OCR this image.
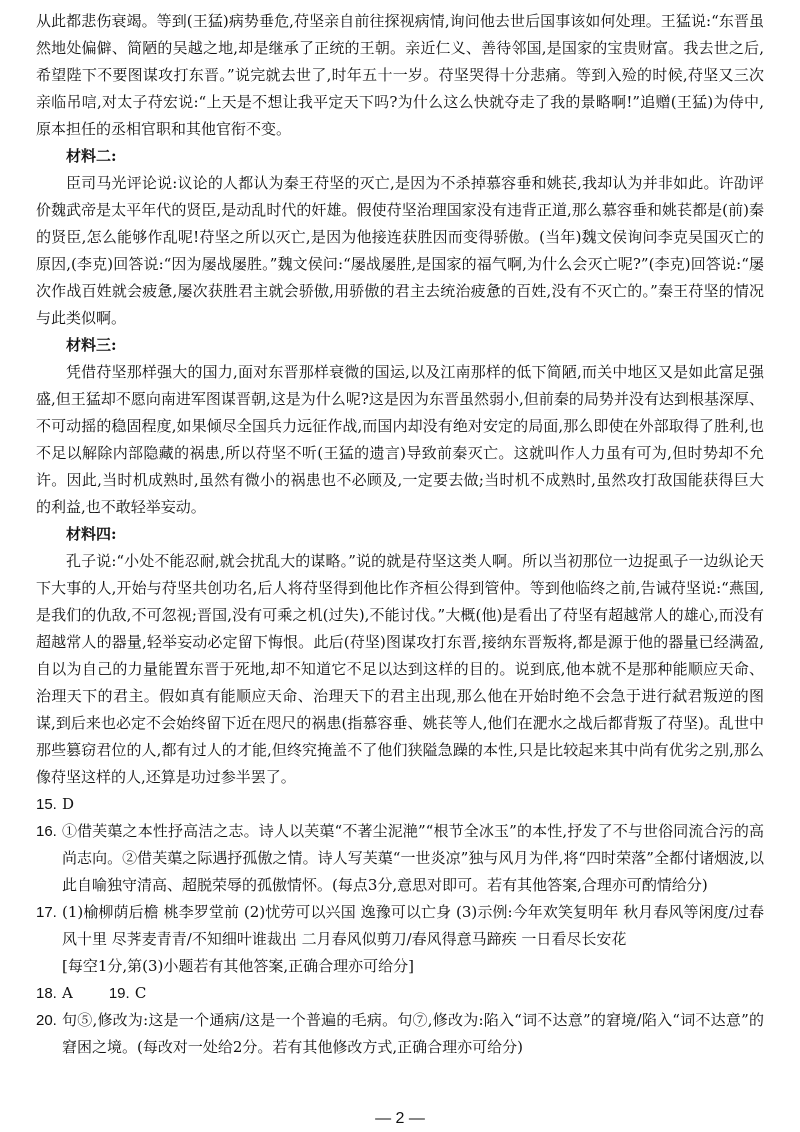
从此都悲伤衰竭。等到(王猛)病势垂危,苻坚亲自前往探视病情,询问他去世后国事该如何处理。王猛说:“东晋虽然地处偏僻、简陋的吴越之地,却是继承了正统的王朝。亲近仁义、善待邻国,是国家的宝贵财富。我去世之后,希望陛下不要图谋攻打东晋。”说完就去世了,时年五十一岁。苻坚哭得十分悲痛。等到入殓的时候,苻坚又三次亲临吊唁,对太子苻宏说:“上天是不想让我平定天下吗?为什么这么快就夺走了我的景略啊!”追赠(王猛)为侍中,原本担任的丞相官职和其他官衔不变。

材料二:

臣司马光评论说:议论的人都认为秦王苻坚的灭亡,是因为不杀掉慕容垂和姚苌,我却认为并非如此。许劭评价魏武帝是太平年代的贤臣,是动乱时代的奸雄。假使苻坚治理国家没有违背正道,那么慕容垂和姚苌都是(前)秦的贤臣,怎么能够作乱呢!苻坚之所以灭亡,是因为他接连获胜因而变得骄傲。(当年)魏文侯询问李克吴国灭亡的原因,(李克)回答说:“因为屡战屡胜。”魏文侯问:“屡战屡胜,是国家的福气啊,为什么会灭亡呢?”(李克)回答说:“屡次作战百姓就会疲惫,屡次获胜君主就会骄傲,用骄傲的君主去统治疲惫的百姓,没有不灭亡的。”秦王苻坚的情况与此类似啊。

材料三:

凭借苻坚那样强大的国力,面对东晋那样衰微的国运,以及江南那样的低下简陋,而关中地区又是如此富足强盛,但王猛却不愿向南进军图谋晋朝,这是为什么呢?这是因为东晋虽然弱小,但前秦的局势并没有达到根基深厚、不可动摇的稳固程度,如果倾尽全国兵力远征作战,而国内却没有绝对安定的局面,那么即使在外部取得了胜利,也不足以解除内部隐藏的祸患,所以苻坚不听(王猛的遗言)导致前秦灭亡。这就叫作人力虽有可为,但时势却不允许。因此,当时机成熟时,虽然有微小的祸患也不必顾及,一定要去做;当时机不成熟时,虽然攻打敌国能获得巨大的利益,也不敢轻举妄动。

材料四:

孔子说:“小处不能忍耐,就会扰乱大的谋略。”说的就是苻坚这类人啊。所以当初那位一边捉虱子一边纵论天下大事的人,开始与苻坚共创功名,后人将苻坚得到他比作齐桓公得到管仲。等到他临终之前,告诫苻坚说:“燕国,是我们的仇敌,不可忽视;晋国,没有可乘之机(过失),不能讨伐。”大概(他)是看出了苻坚有超越常人的雄心,而没有超越常人的器量,轻举妄动必定留下悔恨。此后(苻坚)图谋攻打东晋,接纳东晋叛将,都是源于他的器量已经满盈,自以为自己的力量能置东晋于死地,却不知道它不足以达到这样的目的。说到底,他本就不是那种能顺应天命、治理天下的君主。假如真有能顺应天命、治理天下的君主出现,那么他在开始时绝不会急于进行弑君叛逆的图谋,到后来也必定不会始终留下近在咫尺的祸患(指慕容垂、姚苌等人,他们在淝水之战后都背叛了苻坚)。乱世中那些篡窃君位的人,都有过人的才能,但终究掩盖不了他们狭隘急躁的本性,只是比较起来其中尚有优劣之别,那么像苻坚这样的人,还算是功过参半罢了。

15. D
16. ①借芙蕖之本性抒高洁之志。诗人以芙蕖“不著尘泥滟”“根节全冰玉”的本性,抒发了不与世俗同流合污的高尚志向。②借芙蕖之际遇抒孤傲之情。诗人写芙蕖“一世炎凉”独与风月为伴,将“四时荣落”全都付诸烟波,以此自喻独守清高、超脱荣辱的孤傲情怀。(每点3分,意思对即可。若有其他答案,合理亦可酌情给分)
17. (1)榆柳荫后檐 桃李罗堂前 (2)忧劳可以兴国 逸豫可以亡身 (3)示例:今年欢笑复明年 秋月春风等闲度/过春风十里 尽荠麦青青/不知细叶谁裁出 二月春风似剪刀/春风得意马蹄疾 一日看尽长安花
[每空1分,第(3)小题若有其他答案,正确合理亦可给分]
18. A 19. C
20. 句⑤,修改为:这是一个通病/这是一个普遍的毛病。句⑦,修改为:陷入“词不达意”的窘境/陷入“词不达意”的窘困之境。(每改对一处给2分。若有其他修改方式,正确合理亦可给分)
— 2 —
